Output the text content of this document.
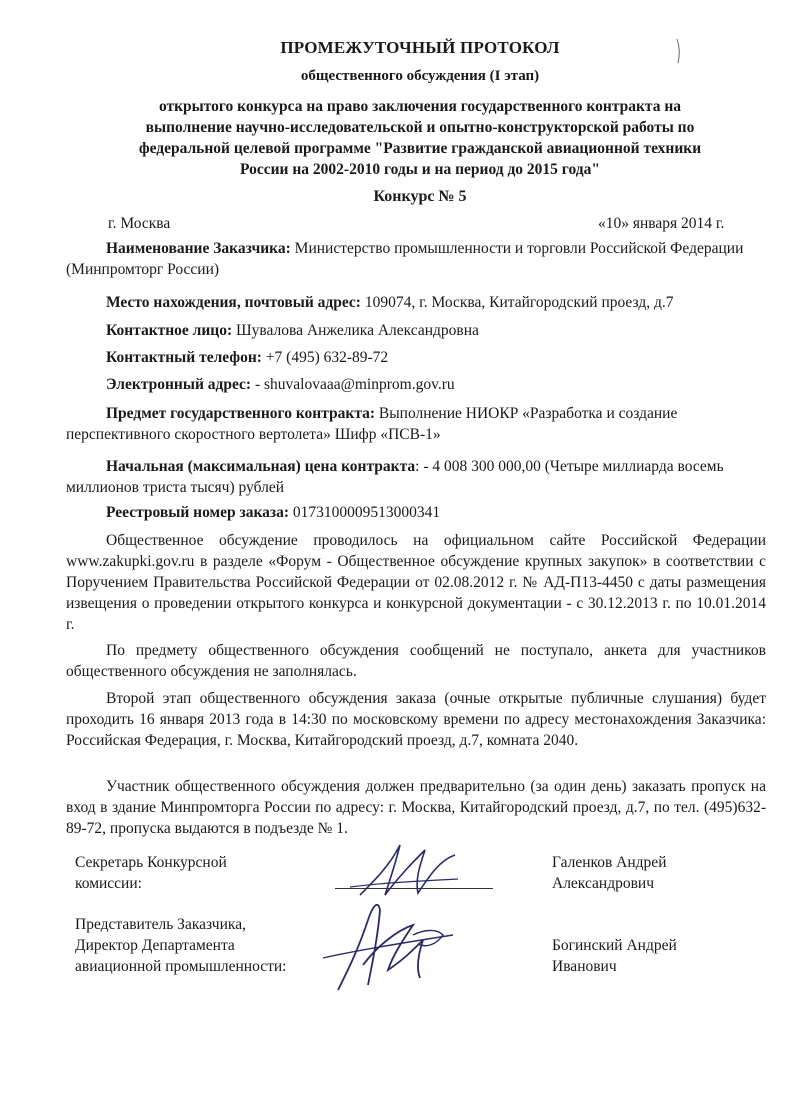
ПРОМЕЖУТОЧНЫЙ ПРОТОКОЛ
общественного обсуждения (I этап)
открытого конкурса на право заключения государственного контракта на
выполнение научно-исследовательской и опытно-конструкторской работы по
федеральной целевой программе "Развитие гражданской авиационной техники
России на 2002-2010 годы и на период до 2015 года"
Конкурс № 5
г. Москва	«10» января 2014 г.
Наименование Заказчика: Министерство промышленности и торговли Российской Федерации (Минпромторг России)
Место нахождения, почтовый адрес: 109074, г. Москва, Китайгородский проезд, д.7
Контактное лицо: Шувалова Анжелика Александровна
Контактный телефон: +7 (495) 632-89-72
Электронный адрес: - shuvalovaaa@minprom.gov.ru
Предмет государственного контракта: Выполнение НИОКР «Разработка и создание перспективного скоростного вертолета» Шифр «ПСВ-1»
Начальная (максимальная) цена контракта: - 4 008 300 000,00 (Четыре миллиарда восемь миллионов триста тысяч) рублей
Реестровый номер заказа: 0173100009513000341
Общественное обсуждение проводилось на официальном сайте Российской Федерации www.zakupki.gov.ru в разделе «Форум - Общественное обсуждение крупных закупок» в соответствии с Поручением Правительства Российской Федерации от 02.08.2012 г. № АД-П13-4450 с даты размещения извещения о проведении открытого конкурса и конкурсной документации - с 30.12.2013 г. по 10.01.2014 г.
По предмету общественного обсуждения сообщений не поступало, анкета для участников общественного обсуждения не заполнялась.
Второй этап общественного обсуждения заказа (очные открытые публичные слушания) будет проходить 16 января 2013 года в 14:30 по московскому времени по адресу местонахождения Заказчика: Российская Федерация, г. Москва, Китайгородский проезд, д.7, комната 2040.
Участник общественного обсуждения должен предварительно (за один день) заказать пропуск на вход в здание Минпромторга России по адресу: г. Москва, Китайгородский проезд, д.7, по тел. (495)632-89-72, пропуска выдаются в подъезде № 1.
Секретарь Конкурсной
комиссии:
Галенков Андрей
Александрович
Представитель Заказчика,
Директор Департамента
авиационной промышленности:
Богинский Андрей
Иванович
